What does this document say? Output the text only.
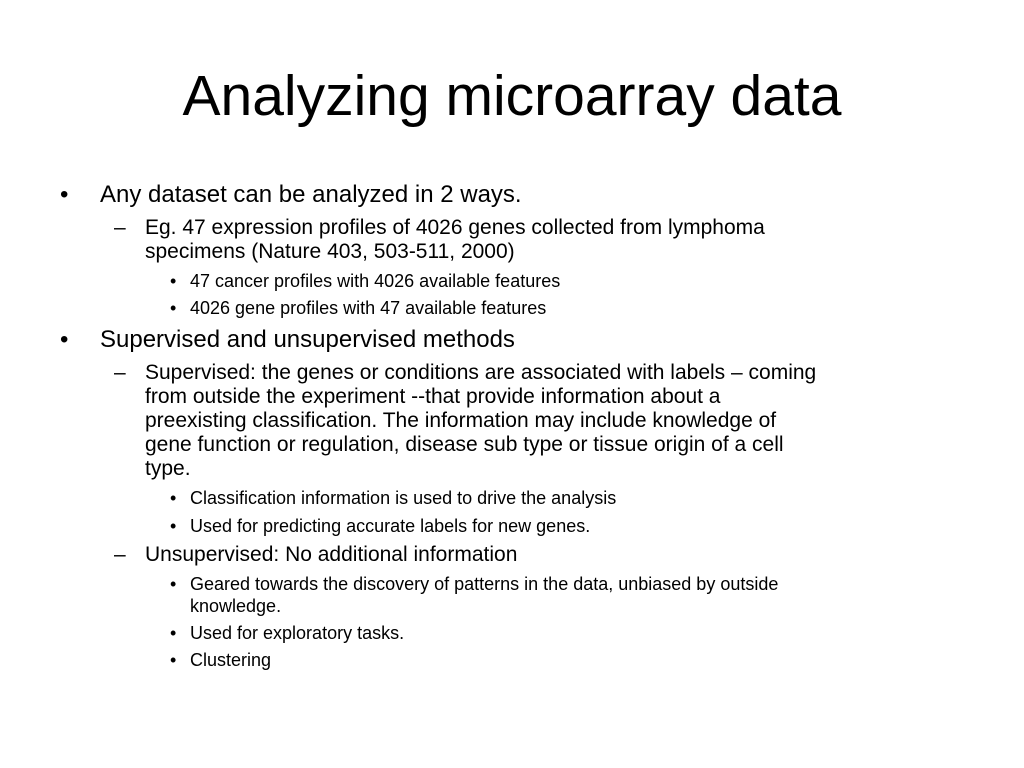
Analyzing microarray data
• Any dataset can be analyzed in 2 ways.
– Eg. 47 expression profiles of 4026 genes collected from lymphoma
specimens (Nature 403, 503-511, 2000)
• 47 cancer profiles with 4026 available features
• 4026 gene profiles with 47 available features
• Supervised and unsupervised methods
– Supervised: the genes or conditions are associated with labels – coming
from outside the experiment --that provide information about a
preexisting classification. The information may include knowledge of
gene function or regulation, disease sub type or tissue origin of a cell
type.
• Classification information is used to drive the analysis
• Used for predicting accurate labels for new genes.
– Unsupervised: No additional information
• Geared towards the discovery of patterns in the data, unbiased by outside
knowledge.
• Used for exploratory tasks.
• Clustering
